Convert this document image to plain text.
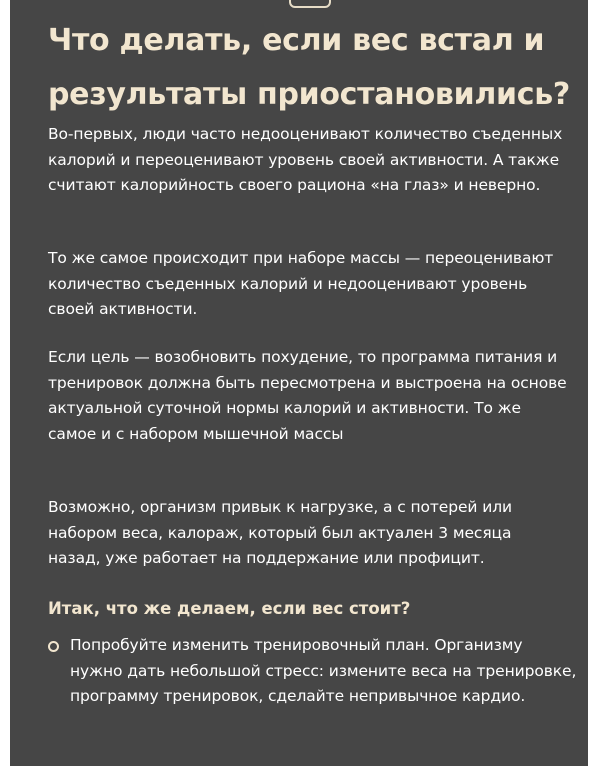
Что делать, если вес встал и результаты приостановились?

Во-первых, люди часто недооценивают количество съеденных калорий и переоценивают уровень своей активности. А также считают калорийность своего рациона «на глаз» и неверно.

То же самое происходит при наборе массы — переоценивают количество съеденных калорий и недооценивают уровень своей активности.

Если цель — возобновить похудение, то программа питания и тренировок должна быть пересмотрена и выстроена на основе актуальной суточной нормы калорий и активности. То же самое и с набором мышечной массы

Возможно, организм привык к нагрузке, а с потерей или набором веса, калораж, который был актуален 3 месяца назад, уже работает на поддержание или профицит.

Итак, что же делаем, если вес стоит?
Попробуйте изменить тренировочный план. Организму нужно дать небольшой стресс: измените веса на тренировке, программу тренировок, сделайте непривычное кардио.
